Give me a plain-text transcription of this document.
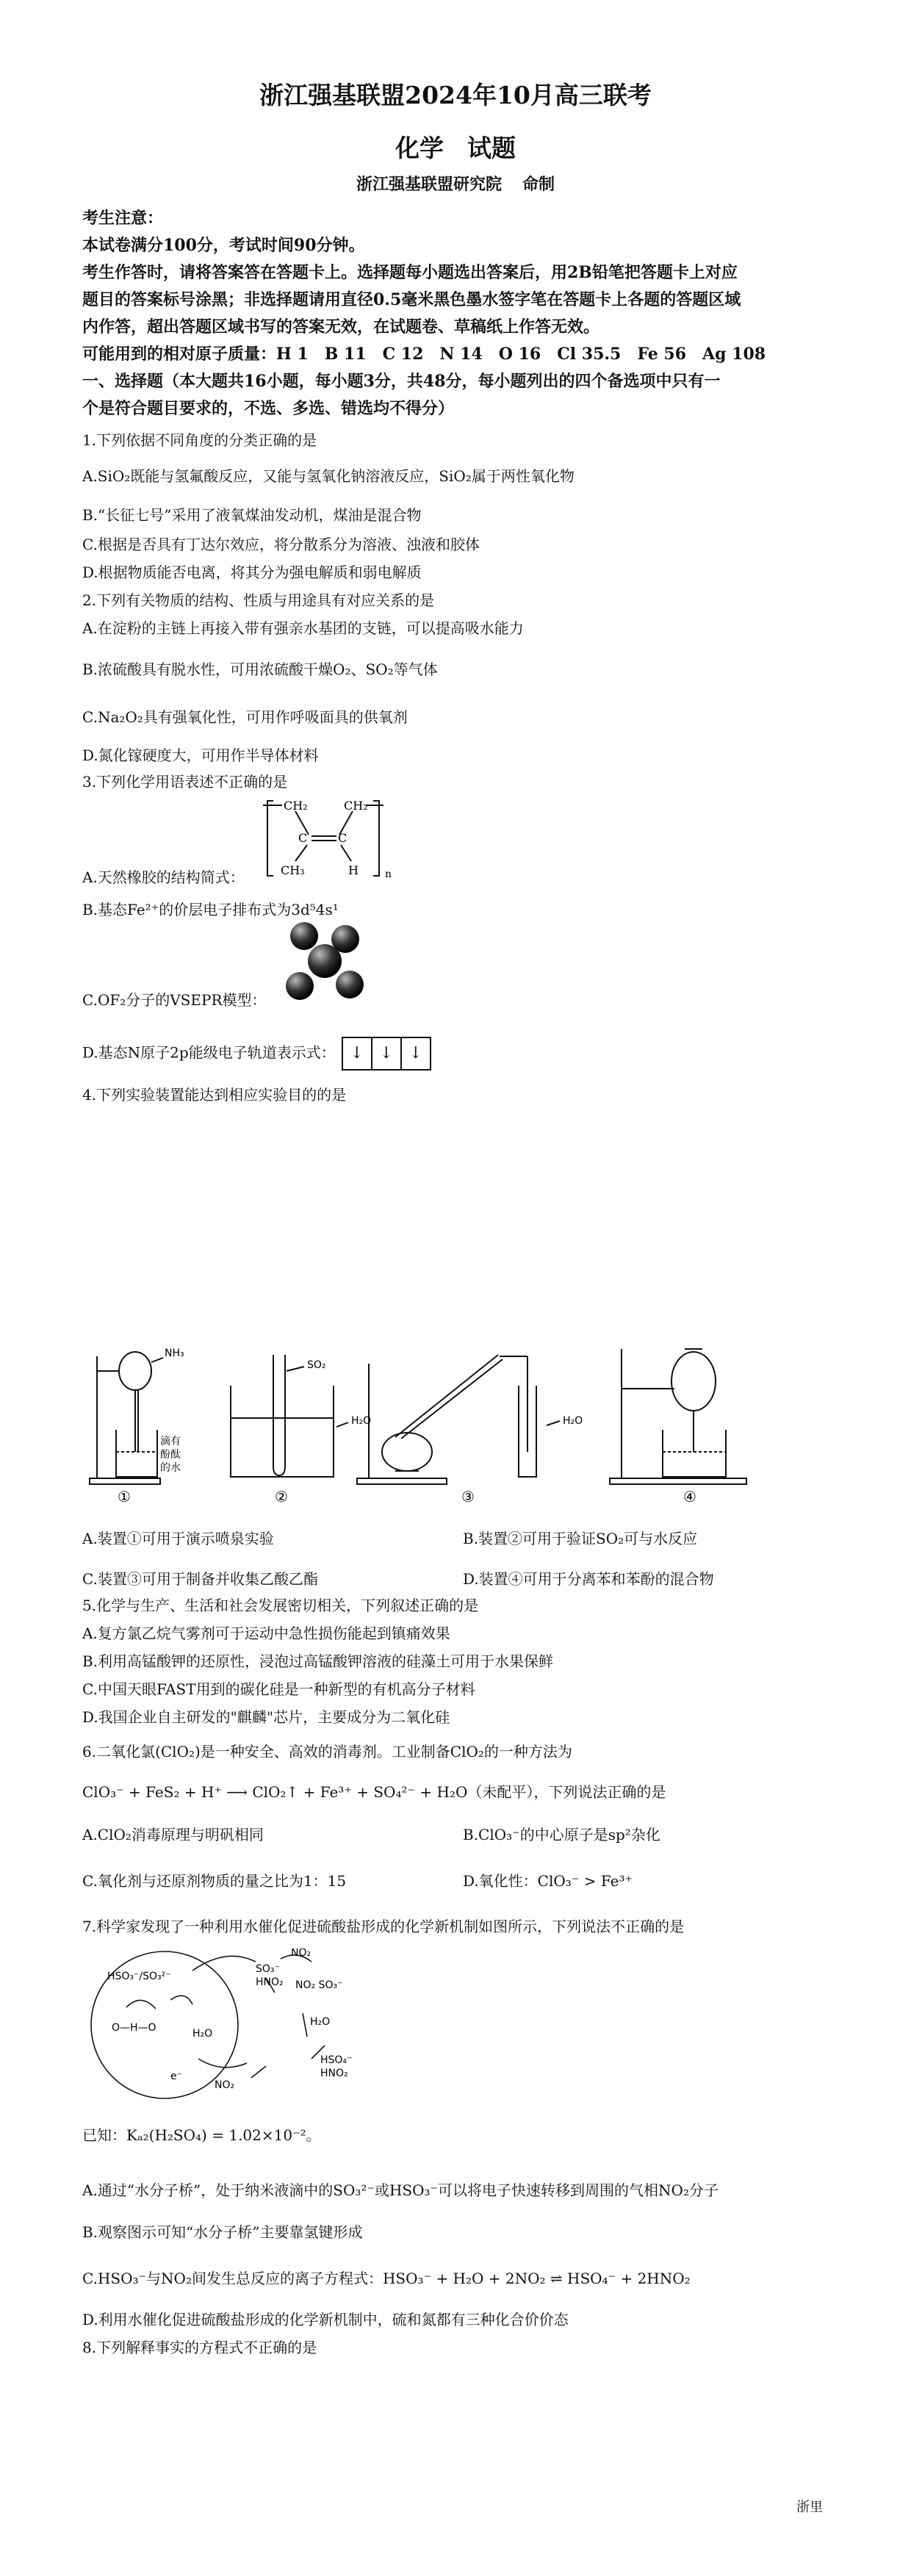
浙江强基联盟2024年10月高三联考
化学 试题
浙江强基联盟研究院 命制
考生注意：
本试卷满分100分，考试时间90分钟。
考生作答时，请将答案答在答题卡上。选择题每小题选出答案后，用2B铅笔把答题卡上对应
题目的答案标号涂黑；非选择题请用直径0.5毫米黑色墨水签字笔在答题卡上各题的答题区域
内作答，超出答题区域书写的答案无效，在试题卷、草稿纸上作答无效。
可能用到的相对原子质量：H 1　B 11　C 12　N 14　O 16　Cl 35.5　Fe 56　Ag 108
一、选择题（本大题共16小题，每小题3分，共48分，每小题列出的四个备选项中只有一
个是符合题目要求的，不选、多选、错选均不得分）
1.下列依据不同角度的分类正确的是
A.SiO₂既能与氢氟酸反应，又能与氢氧化钠溶液反应，SiO₂属于两性氧化物
B.“长征七号”采用了液氧煤油发动机，煤油是混合物
C.根据是否具有丁达尔效应，将分散系分为溶液、浊液和胶体
D.根据物质能否电离，将其分为强电解质和弱电解质
2.下列有关物质的结构、性质与用途具有对应关系的是
A.在淀粉的主链上再接入带有强亲水基团的支链，可以提高吸水能力
B.浓硫酸具有脱水性，可用浓硫酸干燥O₂、SO₂等气体
C.Na₂O₂具有强氧化性，可用作呼吸面具的供氧剂
D.氮化镓硬度大，可用作半导体材料
3.下列化学用语表述不正确的是
A.天然橡胶的结构简式：
CH₂	CH₂
C	C
CH₃	H	n
B.基态Fe²⁺的价层电子排布式为3d⁵4s¹
C.OF₂分子的VSEPR模型：
D.基态N原子2p能级电子轨道表示式： ↓ ↓ ↓
4.下列实验装置能达到相应实验目的的是
NH₃
滴有酚酞的水
SO₂
H₂O	H₂O
①	②	③	④
A.装置①可用于演示喷泉实验	B.装置②可用于验证SO₂可与水反应
C.装置③可用于制备并收集乙酸乙酯	D.装置④可用于分离苯和苯酚的混合物
5.化学与生产、生活和社会发展密切相关，下列叙述正确的是
A.复方氯乙烷气雾剂可于运动中急性损伤能起到镇痛效果
B.利用高锰酸钾的还原性，浸泡过高锰酸钾溶液的硅藻土可用于水果保鲜
C.中国天眼FAST用到的碳化硅是一种新型的有机高分子材料
D.我国企业自主研发的"麒麟"芯片，主要成分为二氧化硅
6.二氧化氯(ClO₂)是一种安全、高效的消毒剂。工业制备ClO₂的一种方法为
ClO₃⁻ + FeS₂ + H⁺ ⟶ ClO₂↑ + Fe³⁺ + SO₄²⁻ + H₂O（未配平），下列说法正确的是
A.ClO₂消毒原理与明矾相同	B.ClO₃⁻的中心原子是sp²杂化
C.氧化剂与还原剂物质的量之比为1：15	D.氧化性：ClO₃⁻ > Fe³⁺
7.科学家发现了一种利用水催化促进硫酸盐形成的化学新机制如图所示，下列说法不正确的是
HSO₃⁻/SO₃²⁻
O—H—O	H₂O
e⁻
SO₃⁻ HNO₂
NO₂
NO₂
NO₂ SO₃⁻
H₂O
HSO₄⁻ HNO₂
已知：Kₐ₂(H₂SO₄) = 1.02×10⁻²。
A.通过“水分子桥”，处于纳米液滴中的SO₃²⁻或HSO₃⁻可以将电子快速转移到周围的气相NO₂分子
B.观察图示可知“水分子桥”主要靠氢键形成
C.HSO₃⁻与NO₂间发生总反应的离子方程式：HSO₃⁻ + H₂O + 2NO₂ ⇌ HSO₄⁻ + 2HNO₂
D.利用水催化促进硫酸盐形成的化学新机制中，硫和氮都有三种化合价价态
8.下列解释事实的方程式不正确的是
浙里
